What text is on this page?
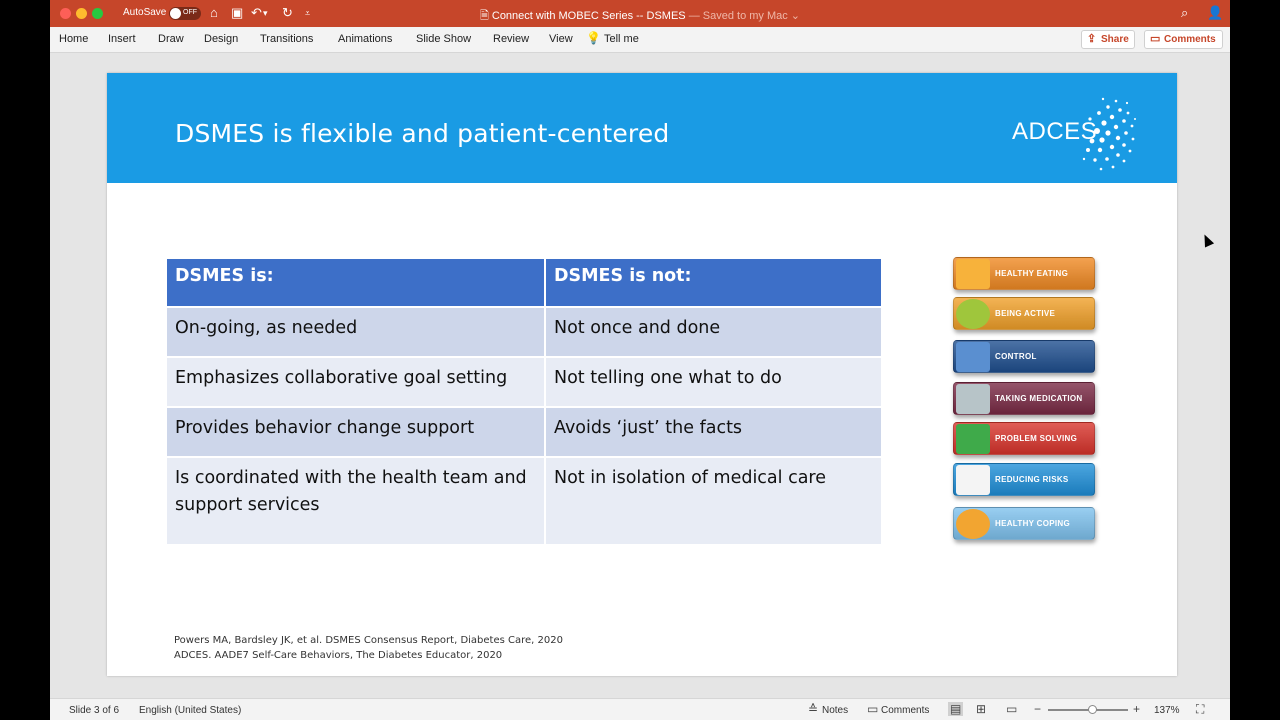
AutoSave OFF ⌂ ▣ ↶ ▾ ↻ ⩡	🗎 Connect with MOBEC Series -- DSMES — Saved to my Mac ⌄	⌕ 👤
Home Insert Draw Design Transitions Animations Slide Show Review View 💡 Tell me	⇪ Share	▭ Comments
DSMES is flexible and patient-centered	ADCES
DSMES is:	DSMES is not:
On-going, as needed	Not once and done
Emphasizes collaborative goal setting	Not telling one what to do
Provides behavior change support	Avoids ‘just’ the facts
Is coordinated with the health team and support services	Not in isolation of medical care
HEALTHY EATING
BEING ACTIVE
CONTROL
TAKING MEDICATION
PROBLEM SOLVING
REDUCING RISKS
HEALTHY COPING
Powers MA, Bardsley JK, et al. DSMES Consensus Report, Diabetes Care, 2020
ADCES. AADE7 Self-Care Behaviors, The Diabetes Educator, 2020
Slide 3 of 6 English (United States)	≙ Notes ▭ Comments ▤ ⊞ ▭ −	+ 137% ⛶
